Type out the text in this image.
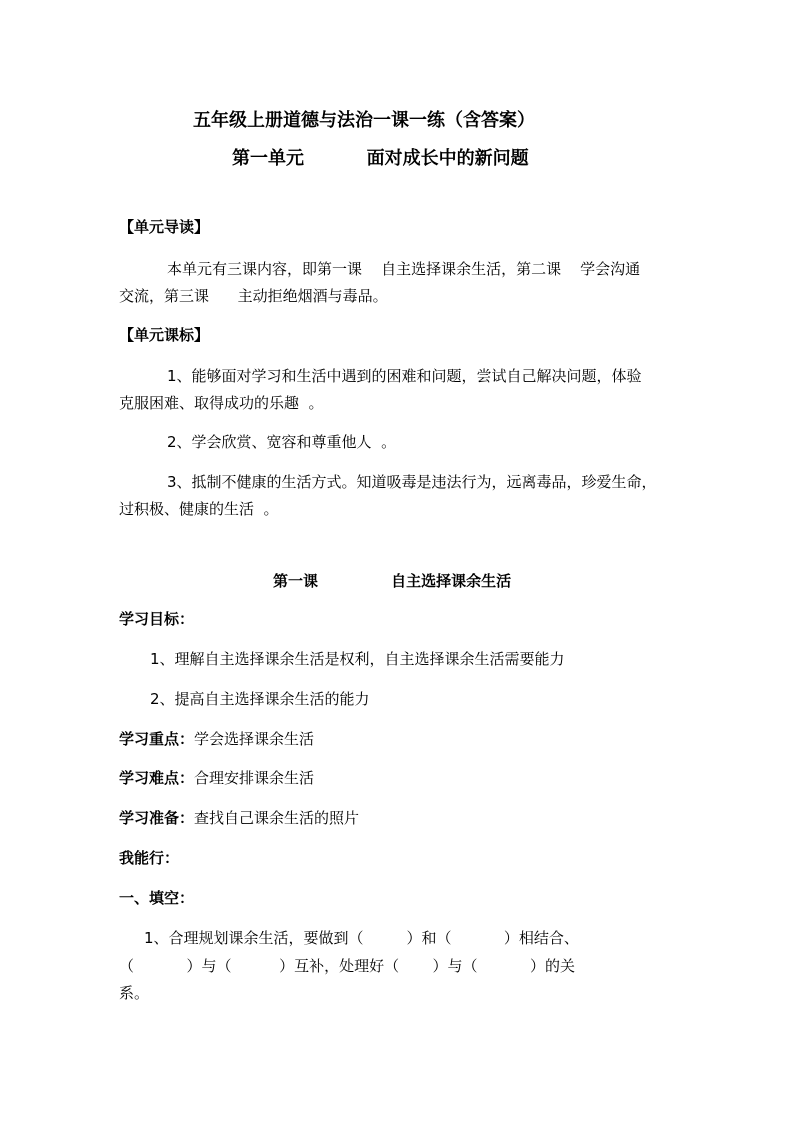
五年级上册道德与法治一课一练（含答案）
第一单元          面对成长中的新问题
【单元导读】
本单元有三课内容，即第一课    自主选择课余生活，第二课    学会沟通
交流，第三课      主动拒绝烟酒与毒品。
【单元课标】
1、能够面对学习和生活中遇到的困难和问题，尝试自己解决问题，体验
克服困难、取得成功的乐趣  。
2、学会欣赏、宽容和尊重他人  。
3、抵制不健康的生活方式。知道吸毒是违法行为，远离毒品，珍爱生命，
过积极、健康的生活  。
第一课              自主选择课余生活
学习目标：
1、理解自主选择课余生活是权利，自主选择课余生活需要能力
2、提高自主选择课余生活的能力
学习重点：学会选择课余生活
学习难点：合理安排课余生活
学习准备：查找自己课余生活的照片
我能行：
一、填空：
1、合理规划课余生活，要做到（         ）和（           ）相结合、
（           ）与（          ）互补，处理好（       ）与（           ）的关
系。
